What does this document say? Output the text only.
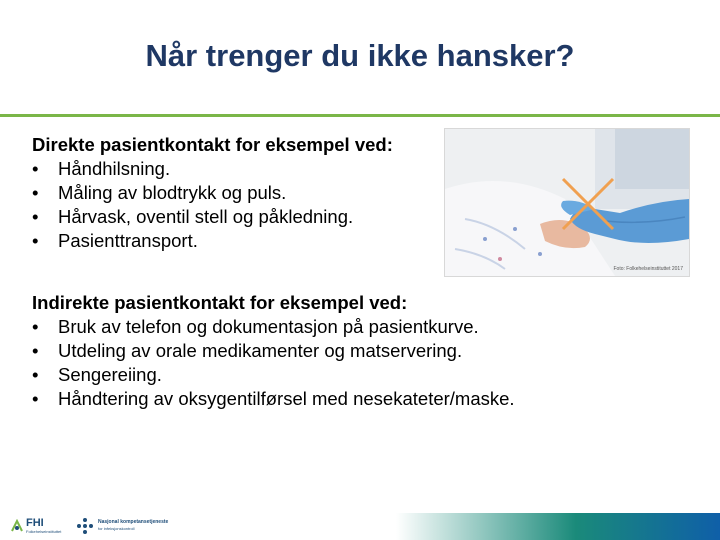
Når trenger du ikke hansker?
Direkte pasientkontakt for eksempel ved:
• Håndhilsning.
• Måling av blodtrykk og puls.
• Hårvask, oventil stell og påkledning.
• Pasienttransport.
Foto: Folkehelseinstituttet 2017
Indirekte pasientkontakt for eksempel ved:
• Bruk av telefon og dokumentasjon på pasientkurve.
• Utdeling av orale medikamenter og matservering.
• Sengereiing.
• Håndtering av oksygentilførsel med nesekateter/maske.
FHI
Folkehelseinstituttet
Nasjonal kompetansetjeneste
for infeksjonskontroll
